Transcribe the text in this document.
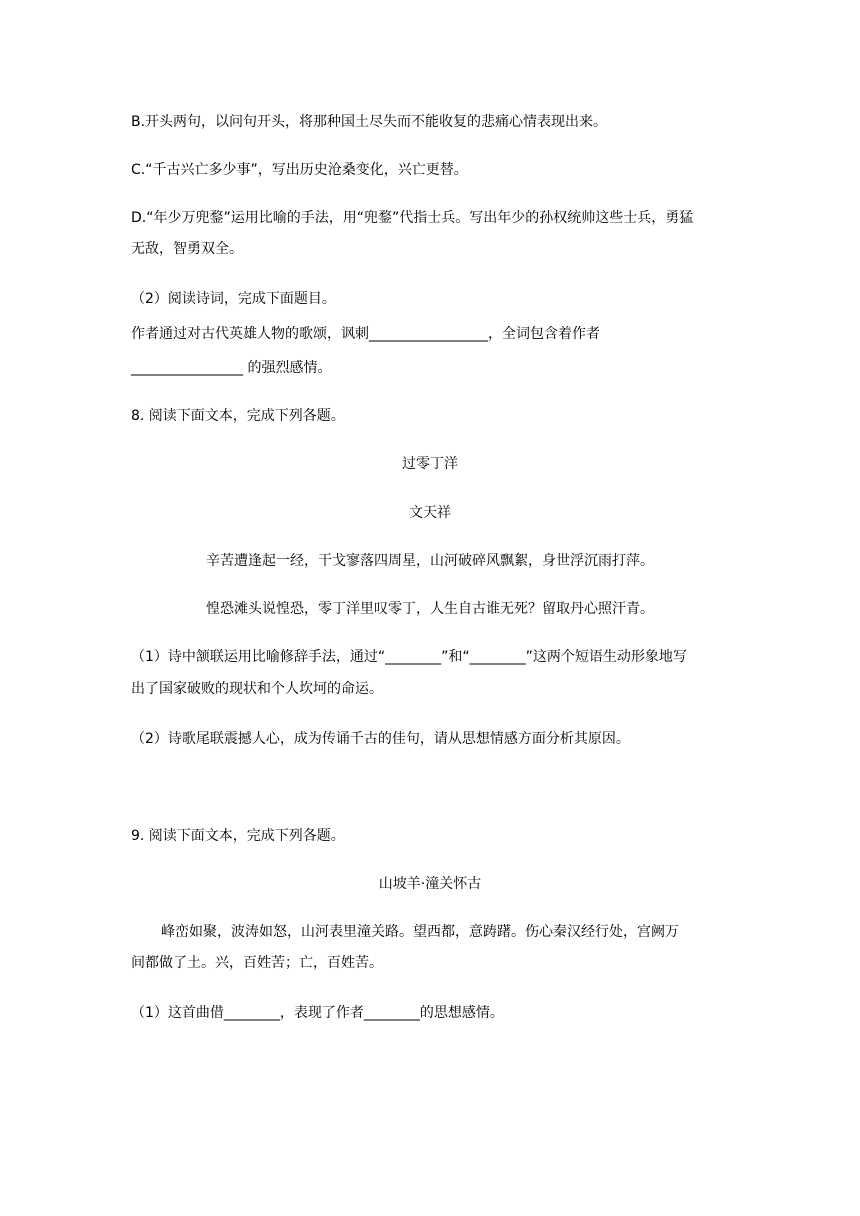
B.开头两句，以问句开头，将那种国土尽失而不能收复的悲痛心情表现出来。
C.“千古兴亡多少事”，写出历史沧桑变化，兴亡更替。
D.“年少万兜鍪”运用比喻的手法，用“兜鍪”代指士兵。写出年少的孙权统帅这些士兵，勇猛
无敌，智勇双全。
（2）阅读诗词，完成下面题目。
作者通过对古代英雄人物的歌颂，讽刺_________________，全词包含着作者
________________ 的强烈感情。
8. 阅读下面文本，完成下列各题。
过零丁洋
文天祥
辛苦遭逢起一经，干戈寥落四周星，山河破碎风飘絮，身世浮沉雨打萍。
惶恐滩头说惶恐，零丁洋里叹零丁，人生自古谁无死？留取丹心照汗青。
（1）诗中颔联运用比喻修辞手法，通过“________”和“________”这两个短语生动形象地写
出了国家破败的现状和个人坎坷的命运。
（2）诗歌尾联震撼人心，成为传诵千古的佳句，请从思想情感方面分析其原因。
9. 阅读下面文本，完成下列各题。
山坡羊·潼关怀古
峰峦如聚，波涛如怒，山河表里潼关路。望西都，意踌躇。伤心秦汉经行处，宫阙万
间都做了土。兴，百姓苦；亡，百姓苦。
（1）这首曲借________，表现了作者________的思想感情。
